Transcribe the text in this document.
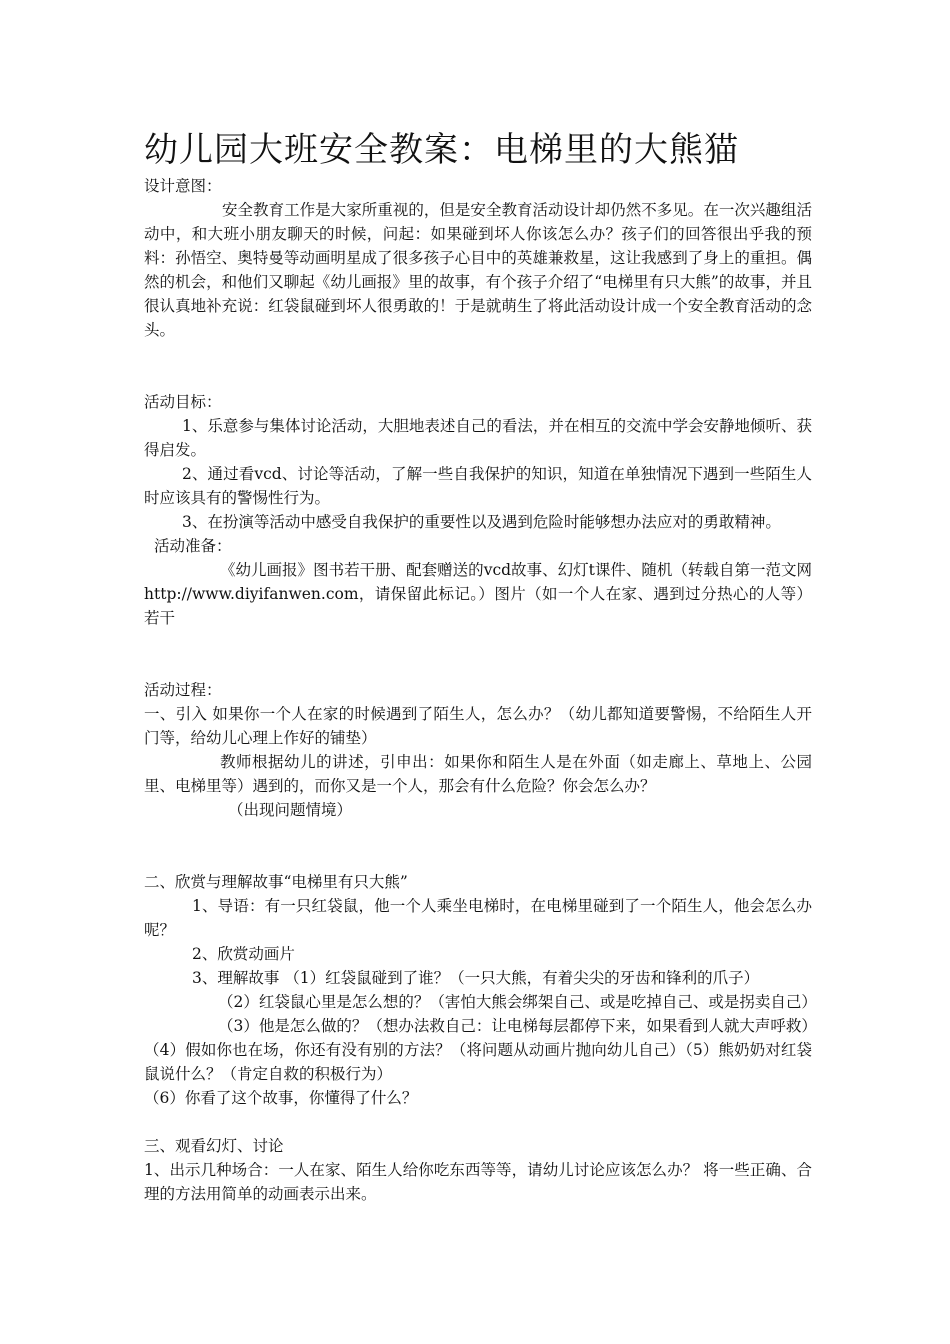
幼儿园大班安全教案：电梯里的大熊猫

设计意图：

安全教育工作是大家所重视的，但是安全教育活动设计却仍然不多见。在一次兴趣组活动中，和大班小朋友聊天的时候，问起：如果碰到坏人你该怎么办？孩子们的回答很出乎我的预料：孙悟空、奥特曼等动画明星成了很多孩子心目中的英雄兼救星，这让我感到了身上的重担。偶然的机会，和他们又聊起《幼儿画报》里的故事，有个孩子介绍了“电梯里有只大熊”的故事，并且很认真地补充说：红袋鼠碰到坏人很勇敢的！于是就萌生了将此活动设计成一个安全教育活动的念头。

活动目标：

1、乐意参与集体讨论活动，大胆地表述自己的看法，并在相互的交流中学会安静地倾听、获得启发。

2、通过看vcd、讨论等活动，了解一些自我保护的知识，知道在单独情况下遇到一些陌生人时应该具有的警惕性行为。

3、在扮演等活动中感受自我保护的重要性以及遇到危险时能够想办法应对的勇敢精神。

活动准备：

《幼儿画报》图书若干册、配套赠送的vcd故事、幻灯t课件、随机（转载自第一范文网http://www.diyifanwen.com，请保留此标记。）图片（如一个人在家、遇到过分热心的人等）若干

活动过程：

一、引入 如果你一个人在家的时候遇到了陌生人，怎么办？（幼儿都知道要警惕，不给陌生人开门等，给幼儿心理上作好的铺垫）

教师根据幼儿的讲述，引申出：如果你和陌生人是在外面（如走廊上、草地上、公园里、电梯里等）遇到的，而你又是一个人，那会有什么危险？你会怎么办？

（出现问题情境）

二、欣赏与理解故事“电梯里有只大熊”

1、导语：有一只红袋鼠，他一个人乘坐电梯时，在电梯里碰到了一个陌生人，他会怎么办呢？

2、欣赏动画片

3、理解故事 （1）红袋鼠碰到了谁？（一只大熊，有着尖尖的牙齿和锋利的爪子）

（2）红袋鼠心里是怎么想的？（害怕大熊会绑架自己、或是吃掉自己、或是拐卖自己）

（3）他是怎么做的？（想办法救自己：让电梯每层都停下来，如果看到人就大声呼救）

（4）假如你也在场，你还有没有别的方法？（将问题从动画片抛向幼儿自己）（5）熊奶奶对红袋鼠说什么？（肯定自救的积极行为）

（6）你看了这个故事，你懂得了什么？

三、观看幻灯、讨论

1、出示几种场合：一人在家、陌生人给你吃东西等等，请幼儿讨论应该怎么办？ 将一些正确、合理的方法用简单的动画表示出来。
